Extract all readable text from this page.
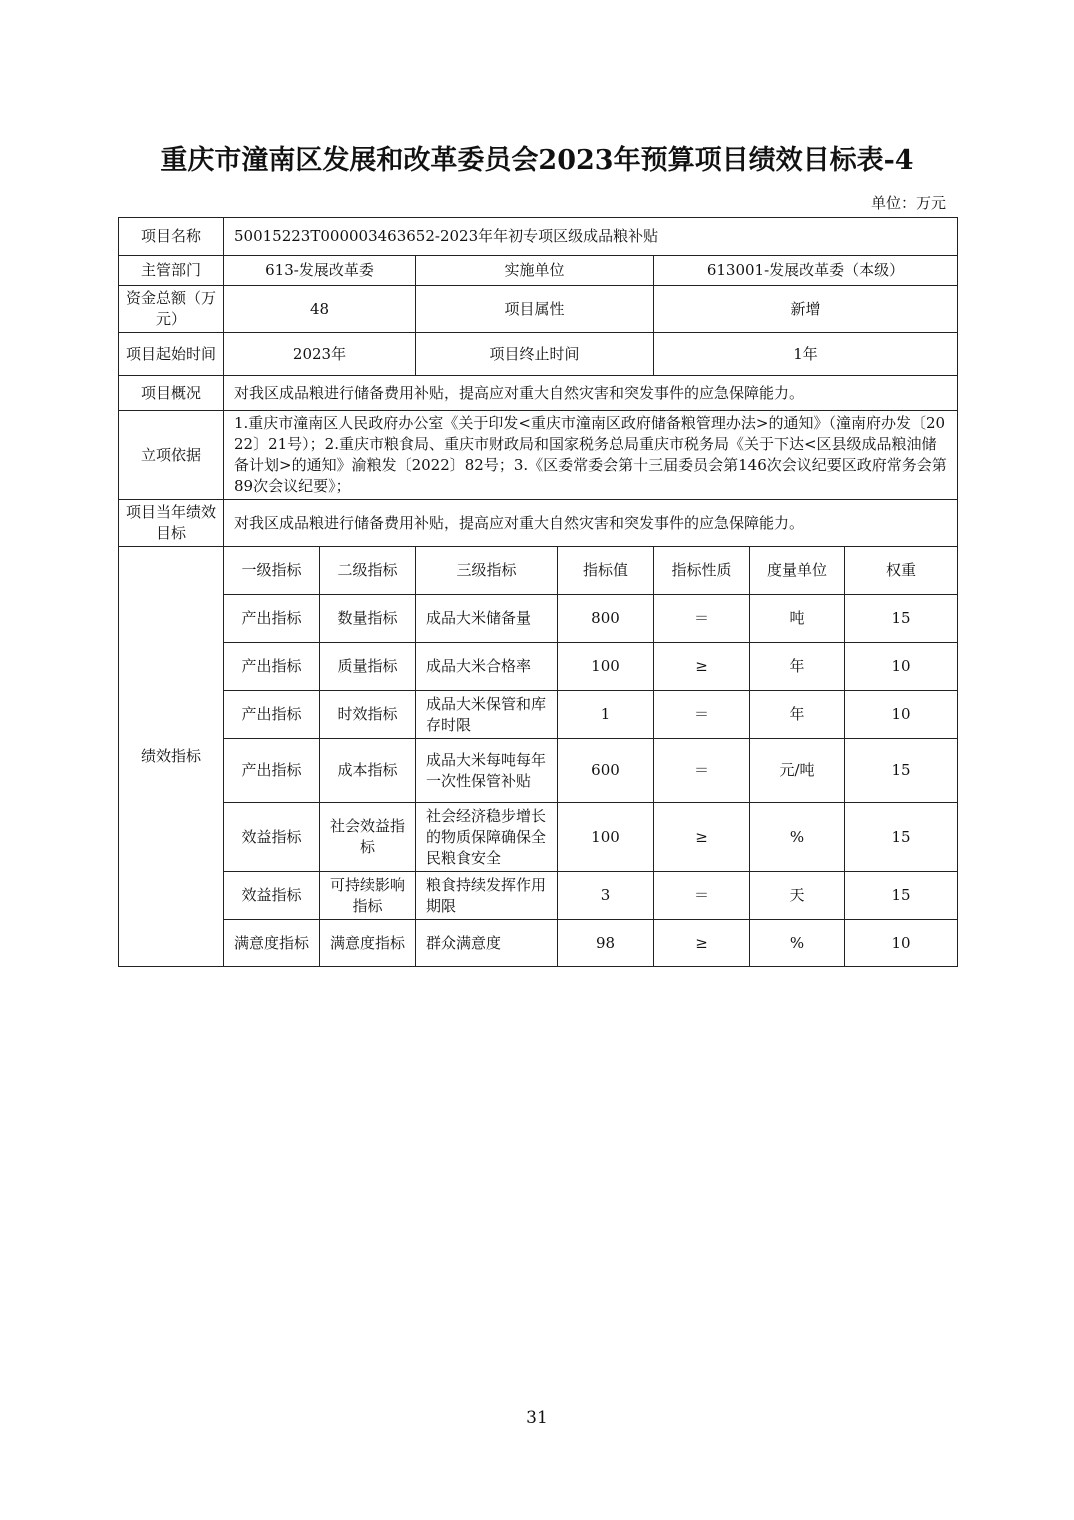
重庆市潼南区发展和改革委员会2023年预算项目绩效目标表-4
单位：万元
项目名称	50015223T000003463652-2023年年初专项区级成品粮补贴						
主管部门	613-发展改革委		实施单位		613001-发展改革委（本级）		
资金总额（万元）	48		项目属性		新增		
项目起始时间	2023年		项目终止时间		1年		
项目概况	对我区成品粮进行储备费用补贴，提高应对重大自然灾害和突发事件的应急保障能力。						
立项依据	1.重庆市潼南区人民政府办公室《关于印发<重庆市潼南区政府储备粮管理办法>的通知》（潼南府办发〔2022〕21号）；2.重庆市粮食局、重庆市财政局和国家税务总局重庆市税务局《关于下达<区县级成品粮油储备计划>的通知》渝粮发〔2022〕82号；3.《区委常委会第十三届委员会第146次会议纪要区政府常务会第89次会议纪要》；						
项目当年绩效目标	对我区成品粮进行储备费用补贴，提高应对重大自然灾害和突发事件的应急保障能力。						
绩效指标	一级指标	二级指标	三级指标	指标值	指标性质	度量单位	权重
	产出指标	数量指标	成品大米储备量	800	＝	吨	15
	产出指标	质量指标	成品大米合格率	100	≥	年	10
	产出指标	时效指标	成品大米保管和库存时限	1	＝	年	10
	产出指标	成本指标	成品大米每吨每年一次性保管补贴	600	＝	元/吨	15
	效益指标	社会效益指标	社会经济稳步增长的物质保障确保全民粮食安全	100	≥	%	15
	效益指标	可持续影响指标	粮食持续发挥作用期限	3	＝	天	15
	满意度指标	满意度指标	群众满意度	98	≥	%	10
31
